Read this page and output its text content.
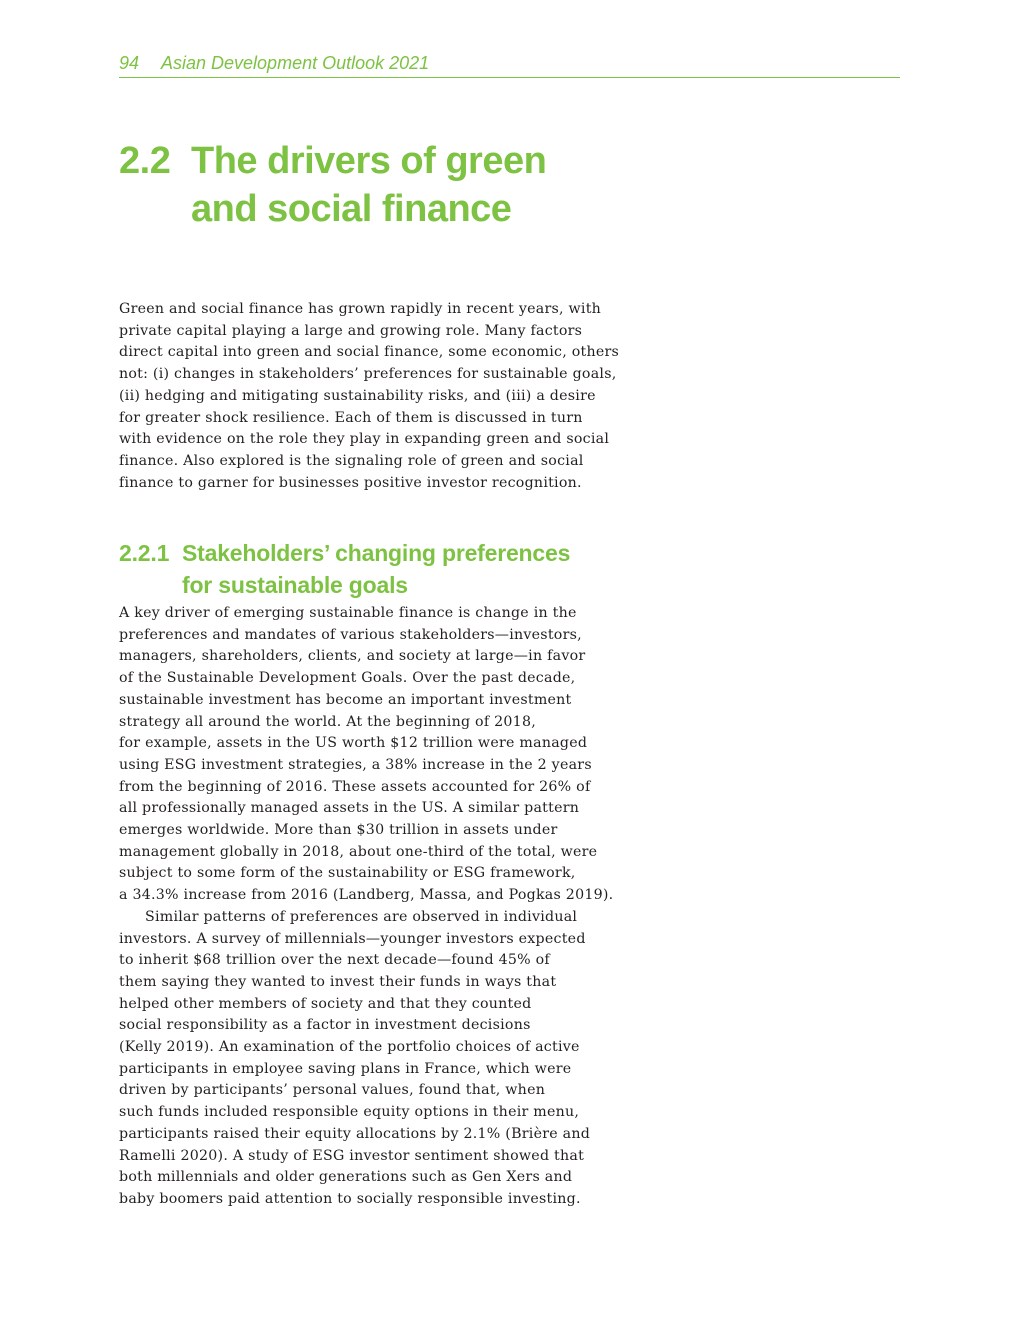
94 Asian Development Outlook 2021
2.2 The drivers of green
and social finance
Green and social finance has grown rapidly in recent years, with
private capital playing a large and growing role. Many factors
direct capital into green and social finance, some economic, others
not: (i) changes in stakeholders’ preferences for sustainable goals,
(ii) hedging and mitigating sustainability risks, and (iii) a desire
for greater shock resilience. Each of them is discussed in turn
with evidence on the role they play in expanding green and social
finance. Also explored is the signaling role of green and social
finance to garner for businesses positive investor recognition.
2.2.1 Stakeholders’ changing preferences
for sustainable goals
A key driver of emerging sustainable finance is change in the
preferences and mandates of various stakeholders—investors,
managers, shareholders, clients, and society at large—in favor
of the Sustainable Development Goals. Over the past decade,
sustainable investment has become an important investment
strategy all around the world. At the beginning of 2018,
for example, assets in the US worth $12 trillion were managed
using ESG investment strategies, a 38% increase in the 2 years
from the beginning of 2016. These assets accounted for 26% of
all professionally managed assets in the US. A similar pattern
emerges worldwide. More than $30 trillion in assets under
management globally in 2018, about one-third of the total, were
subject to some form of the sustainability or ESG framework,
a 34.3% increase from 2016 (Landberg, Massa, and Pogkas 2019).
Similar patterns of preferences are observed in individual
investors. A survey of millennials—younger investors expected
to inherit $68 trillion over the next decade—found 45% of
them saying they wanted to invest their funds in ways that
helped other members of society and that they counted
social responsibility as a factor in investment decisions
(Kelly 2019). An examination of the portfolio choices of active
participants in employee saving plans in France, which were
driven by participants’ personal values, found that, when
such funds included responsible equity options in their menu,
participants raised their equity allocations by 2.1% (Brière and
Ramelli 2020). A study of ESG investor sentiment showed that
both millennials and older generations such as Gen Xers and
baby boomers paid attention to socially responsible investing.
